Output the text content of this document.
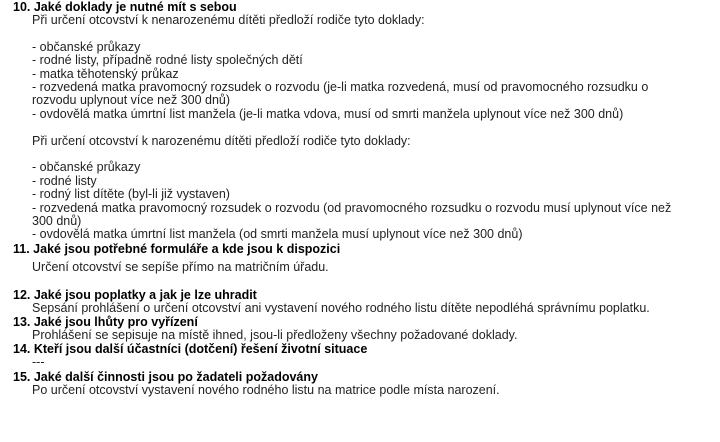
10. Jaké doklady je nutné mít s sebou
Při určení otcovství k nenarozenému dítěti předloží rodiče tyto doklady:
- občanské průkazy
- rodné listy, případně rodné listy společných dětí
- matka těhotenský průkaz
- rozvedená matka pravomocný rozsudek o rozvodu (je-li matka rozvedená, musí od pravomocného rozsudku o rozvodu uplynout více než 300 dnů)
- ovdovělá matka úmrtní list manžela (je-li matka vdova, musí od smrti manžela uplynout více než 300 dnů)
Při určení otcovství k narozenému dítěti předloží rodiče tyto doklady:
- občanské průkazy
- rodné listy
- rodný list dítěte (byl-li již vystaven)
- rozvedená matka pravomocný rozsudek o rozvodu (od pravomocného rozsudku o rozvodu musí uplynout více než 300 dnů)
- ovdovělá matka úmrtní list manžela (od smrti manžela musí uplynout více než 300 dnů)
11. Jaké jsou potřebné formuláře a kde jsou k dispozici
Určení otcovství se sepíše přímo na matričním úřadu.
12. Jaké jsou poplatky a jak je lze uhradit
Sepsání prohlášení o určení otcovství ani vystavení nového rodného listu dítěte nepodléhá správnímu poplatku.
13. Jaké jsou lhůty pro vyřízení
Prohlášení se sepisuje na místě ihned, jsou-li předloženy všechny požadované doklady.
14. Kteří jsou další účastníci (dotčení) řešení životní situace
---
15. Jaké další činnosti jsou po žadateli požadovány
Po určení otcovství vystavení nového rodného listu na matrice podle místa narození.
